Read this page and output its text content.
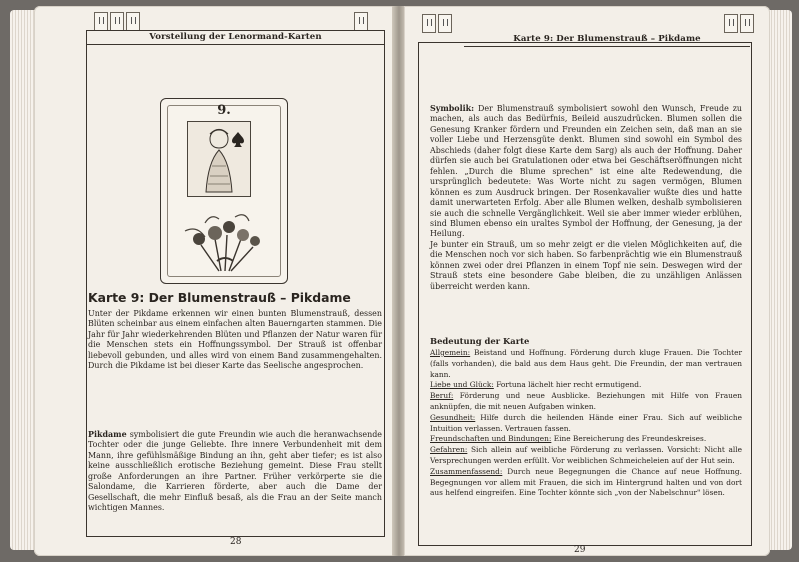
Vorstellung der Lenormand-Karten
9.
Karte 9: Der Blumenstrauß – Pikdame
Unter der Pikdame erkennen wir einen bunten Blumenstrauß, dessen Blüten scheinbar aus einem einfachen alten Bauerngarten stammen. Die Jahr für Jahr wiederkehrenden Blüten und Pflanzen der Natur waren für die Menschen stets ein Hoffnungssymbol. Der Strauß ist offenbar liebevoll gebunden, und alles wird von einem Band zusammengehalten. Durch die Pikdame ist bei dieser Karte das Seelische angesprochen.
Pikdame symbolisiert die gute Freundin wie auch die heranwachsende Tochter oder die junge Geliebte. Ihre innere Verbundenheit mit dem Mann, ihre gefühlsmäßige Bindung an ihn, geht aber tiefer; es ist also keine ausschließlich erotische Beziehung gemeint. Diese Frau stellt große Anforderungen an ihre Partner. Früher verkörperte sie die Salondame, die Karrieren förderte, aber auch die Dame der Gesellschaft, die mehr Einfluß besaß, als die Frau an der Seite manch wichtigen Mannes.
28
Karte 9: Der Blumenstrauß – Pikdame
Symbolik: Der Blumenstrauß symbolisiert sowohl den Wunsch, Freude zu machen, als auch das Bedürfnis, Beileid auszudrücken. Blumen sollen die Genesung Kranker fördern und Freunden ein Zeichen sein, daß man an sie voller Liebe und Herzensgüte denkt. Blumen sind sowohl ein Symbol des Abschieds (daher folgt diese Karte dem Sarg) als auch der Hoffnung. Daher dürfen sie auch bei Gratulationen oder etwa bei Geschäftseröffnungen nicht fehlen. „Durch die Blume sprechen" ist eine alte Redewendung, die ursprünglich bedeutete: Was Worte nicht zu sagen vermögen, Blumen können es zum Ausdruck bringen. Der Rosenkavalier wußte dies und hatte damit unerwarteten Erfolg. Aber alle Blumen welken, deshalb symbolisieren sie auch die schnelle Vergänglichkeit. Weil sie aber immer wieder erblühen, sind Blumen ebenso ein uraltes Symbol der Hoffnung, der Genesung, ja der Heilung.
Je bunter ein Strauß, um so mehr zeigt er die vielen Möglichkeiten auf, die die Menschen noch vor sich haben. So farbenprächtig wie ein Blumenstrauß können zwei oder drei Pflanzen in einem Topf nie sein. Deswegen wird der Strauß stets eine besondere Gabe bleiben, die zu unzähligen Anlässen überreicht werden kann.
Bedeutung der Karte
Allgemein: Beistand und Hoffnung. Förderung durch kluge Frauen. Die Tochter (falls vorhanden), die bald aus dem Haus geht. Die Freundin, der man vertrauen kann.
Liebe und Glück: Fortuna lächelt hier recht ermutigend.
Beruf: Förderung und neue Ausblicke. Beziehungen mit Hilfe von Frauen anknüpfen, die mit neuen Aufgaben winken.
Gesundheit: Hilfe durch die heilenden Hände einer Frau. Sich auf weibliche Intuition verlassen. Vertrauen fassen.
Freundschaften und Bindungen: Eine Bereicherung des Freundeskreises.
Gefahren: Sich allein auf weibliche Förderung zu verlassen. Vorsicht: Nicht alle Versprechungen werden erfüllt. Vor weiblichen Schmeicheleien auf der Hut sein.
Zusammenfassend: Durch neue Begegnungen die Chance auf neue Hoffnung. Begegnungen vor allem mit Frauen, die sich im Hintergrund halten und von dort aus helfend eingreifen. Eine Tochter könnte sich „von der Nabelschnur" lösen.
29
